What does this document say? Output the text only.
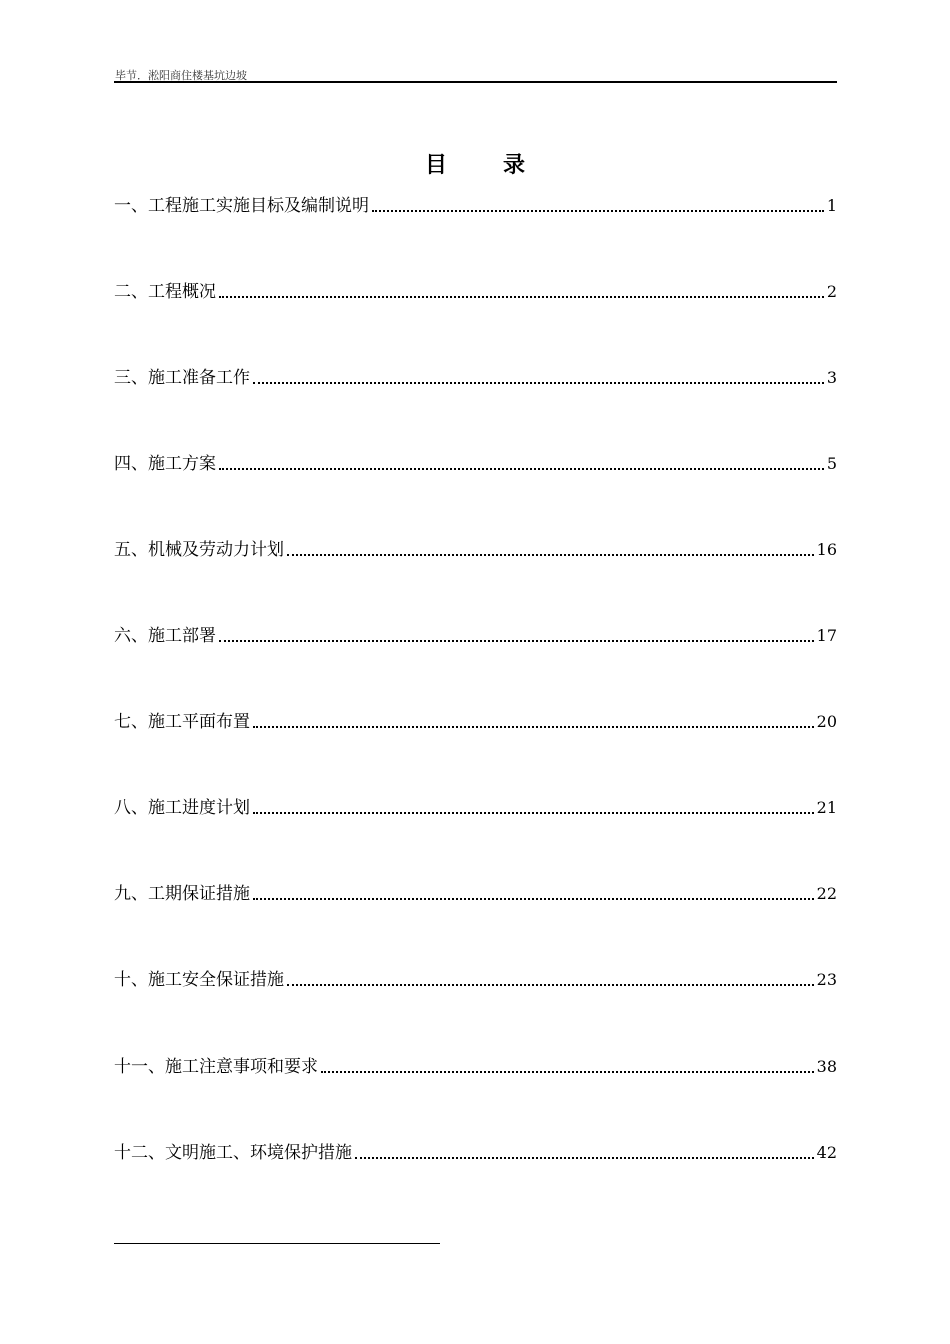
毕节．淞阳商住楼基坑边坡
目录
一、工程施工实施目标及编制说明	1
二、工程概况	2
三、施工准备工作	3
四、施工方案	5
五、机械及劳动力计划	16
六、施工部署	17
七、施工平面布置	20
八、施工进度计划	21
九、工期保证措施	22
十、施工安全保证措施	23
十一、施工注意事项和要求	38
十二、文明施工、环境保护措施	42
